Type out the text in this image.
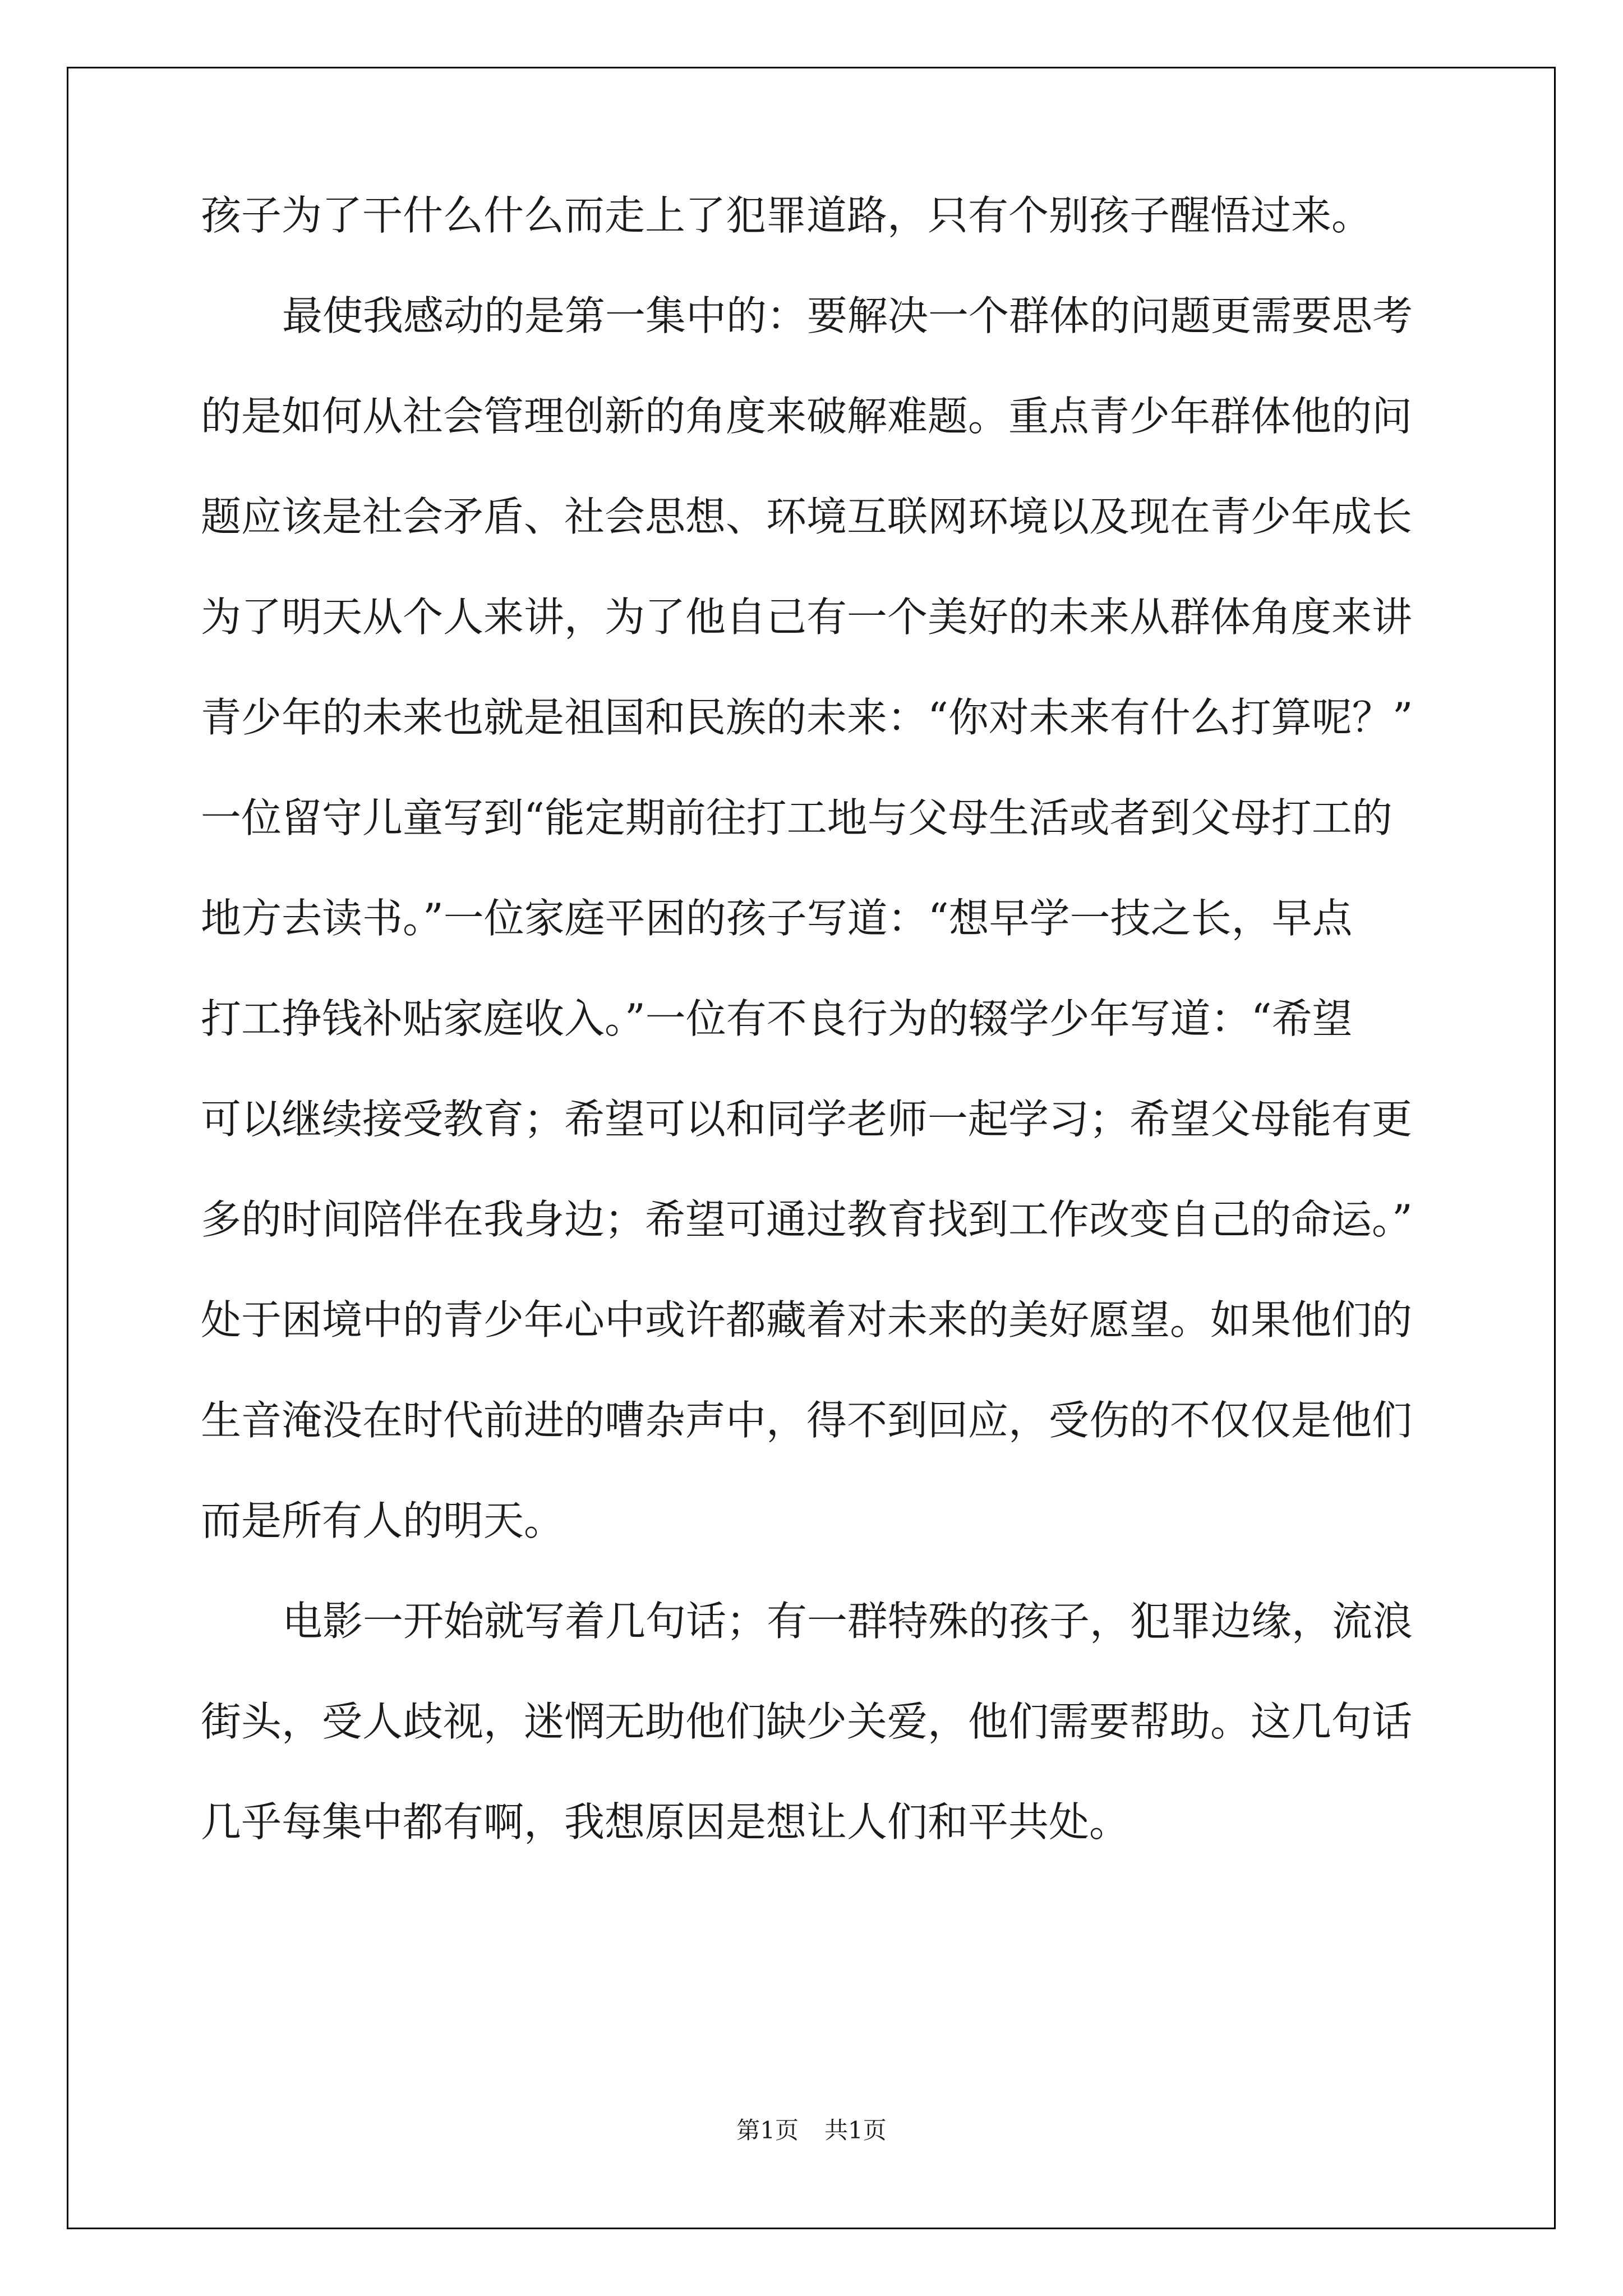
孩子为了干什么什么而走上了犯罪道路，只有个别孩子醒悟过来。
最使我感动的是第一集中的：要解决一个群体的问题更需要思考
的是如何从社会管理创新的角度来破解难题。重点青少年群体他的问
题应该是社会矛盾、社会思想、环境互联网环境以及现在青少年成长
为了明天从个人来讲，为了他自己有一个美好的未来从群体角度来讲
青少年的未来也就是祖国和民族的未来：“你对未来有什么打算呢？”
一位留守儿童写到“能定期前往打工地与父母生活或者到父母打工的
地方去读书。”一位家庭平困的孩子写道：“想早学一技之长，早点
打工挣钱补贴家庭收入。”一位有不良行为的辍学少年写道：“希望
可以继续接受教育；希望可以和同学老师一起学习；希望父母能有更
多的时间陪伴在我身边；希望可通过教育找到工作改变自己的命运。”
处于困境中的青少年心中或许都藏着对未来的美好愿望。如果他们的
生音淹没在时代前进的嘈杂声中，得不到回应，受伤的不仅仅是他们
而是所有人的明天。
电影一开始就写着几句话；有一群特殊的孩子，犯罪边缘，流浪
街头，受人歧视，迷惘无助他们缺少关爱，他们需要帮助。这几句话
几乎每集中都有啊，我想原因是想让人们和平共处。
第1页 共1页
